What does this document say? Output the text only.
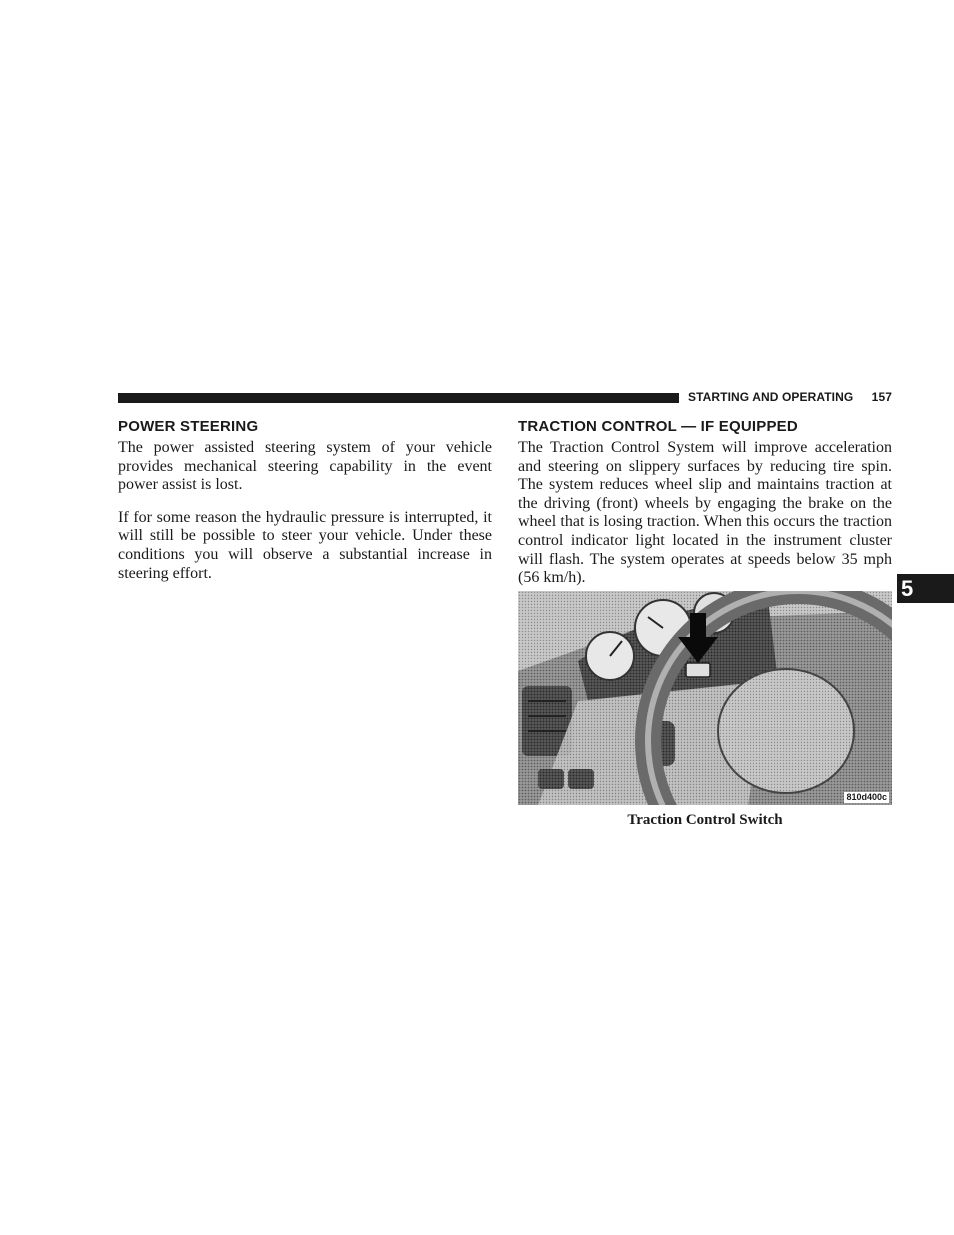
STARTING AND OPERATING 157
POWER STEERING

The power assisted steering system of your vehicle provides mechanical steering capability in the event power assist is lost.

If for some reason the hydraulic pressure is interrupted, it will still be possible to steer your vehicle. Under these conditions you will observe a substantial increase in steering effort.

TRACTION CONTROL — IF EQUIPPED

The Traction Control System will improve acceleration and steering on slippery surfaces by reducing tire spin. The system reduces wheel slip and maintains traction at the driving (front) wheels by engaging the brake on the wheel that is losing traction. When this occurs the traction control indicator light located in the instrument cluster will flash. The system operates at speeds below 35 mph (56 km/h).	5
810d400c
Traction Control Switch
